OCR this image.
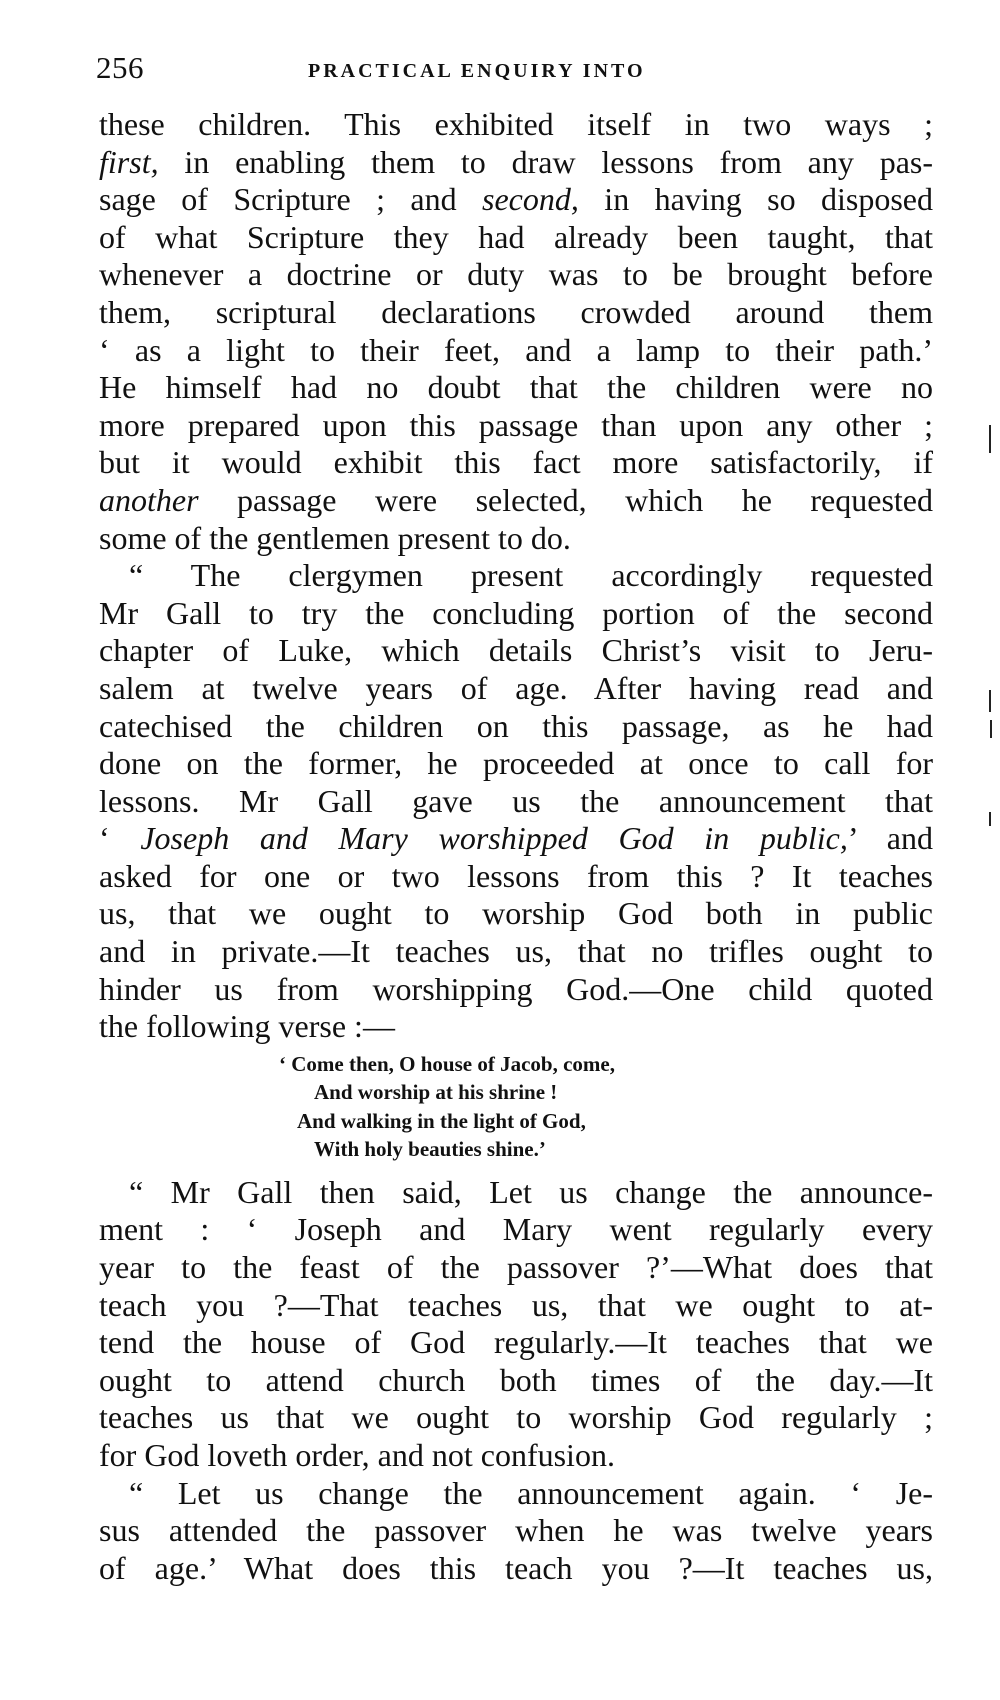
256	PRACTICAL ENQUIRY INTO
these children. This exhibited itself in two ways ;
first, in enabling them to draw lessons from any pas-
sage of Scripture ; and second, in having so disposed
of what Scripture they had already been taught, that
whenever a doctrine or duty was to be brought before
them, scriptural declarations crowded around them
‘ as a light to their feet, and a lamp to their path.’
He himself had no doubt that the children were no
more prepared upon this passage than upon any other ;
but it would exhibit this fact more satisfactorily, if
another passage were selected, which he requested
some of the gentlemen present to do.
“ The clergymen present accordingly requested
Mr Gall to try the concluding portion of the second
chapter of Luke, which details Christ’s visit to Jeru-
salem at twelve years of age. After having read and
catechised the children on this passage, as he had
done on the former, he proceeded at once to call for
lessons. Mr Gall gave us the announcement that
‘ Joseph and Mary worshipped God in public,’ and
asked for one or two lessons from this ? It teaches
us, that we ought to worship God both in public
and in private.—It teaches us, that no trifles ought to
hinder us from worshipping God.—One child quoted
the following verse :—
‘ Come then, O house of Jacob, come,
And worship at his shrine !
And walking in the light of God,
With holy beauties shine.’
“ Mr Gall then said, Let us change the announce-
ment : ‘ Joseph and Mary went regularly every
year to the feast of the passover ?’—What does that
teach you ?—That teaches us, that we ought to at-
tend the house of God regularly.—It teaches that we
ought to attend church both times of the day.—It
teaches us that we ought to worship God regularly ;
for God loveth order, and not confusion.
“ Let us change the announcement again. ‘ Je-
sus attended the passover when he was twelve years
of age.’ What does this teach you ?—It teaches us,
